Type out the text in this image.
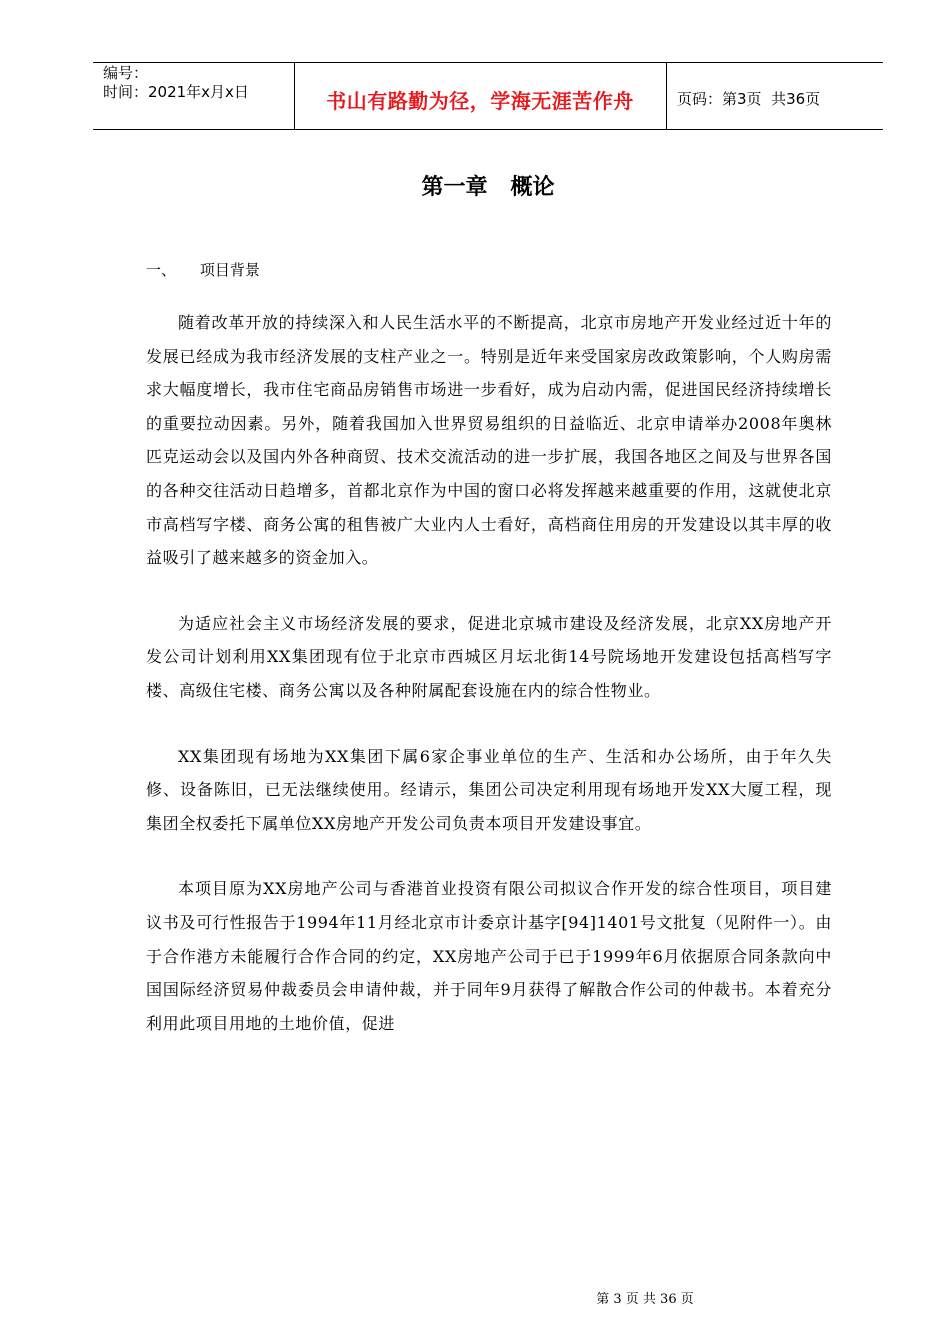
编号：
时间：2021年x月x日	书山有路勤为径，学海无涯苦作舟	页码：第3页  共36页
第一章   概论
一、     项目背景

随着改革开放的持续深入和人民生活水平的不断提高，北京市房地产开发业经过近十年的发展已经成为我市经济发展的支柱产业之一。特别是近年来受国家房改政策影响，个人购房需求大幅度增长，我市住宅商品房销售市场进一步看好，成为启动内需，促进国民经济持续增长的重要拉动因素。另外，随着我国加入世界贸易组织的日益临近、北京申请举办2008年奥林匹克运动会以及国内外各种商贸、技术交流活动的进一步扩展，我国各地区之间及与世界各国的各种交往活动日趋增多，首都北京作为中国的窗口必将发挥越来越重要的作用，这就使北京市高档写字楼、商务公寓的租售被广大业内人士看好，高档商住用房的开发建设以其丰厚的收益吸引了越来越多的资金加入。

为适应社会主义市场经济发展的要求，促进北京城市建设及经济发展，北京XX房地产开发公司计划利用XX集团现有位于北京市西城区月坛北街14号院场地开发建设包括高档写字楼、高级住宅楼、商务公寓以及各种附属配套设施在内的综合性物业。

XX集团现有场地为XX集团下属6家企事业单位的生产、生活和办公场所，由于年久失修、设备陈旧，已无法继续使用。经请示，集团公司决定利用现有场地开发XX大厦工程，现集团全权委托下属单位XX房地产开发公司负责本项目开发建设事宜。

本项目原为XX房地产公司与香港首业投资有限公司拟议合作开发的综合性项目，项目建议书及可行性报告于1994年11月经北京市计委京计基字[94]1401号文批复（见附件一）。由于合作港方未能履行合作合同的约定，XX房地产公司于已于1999年6月依据原合同条款向中国国际经济贸易仲裁委员会申请仲裁，并于同年9月获得了解散合作公司的仲裁书。本着充分利用此项目用地的土地价值，促进

第 3 页 共 36 页
